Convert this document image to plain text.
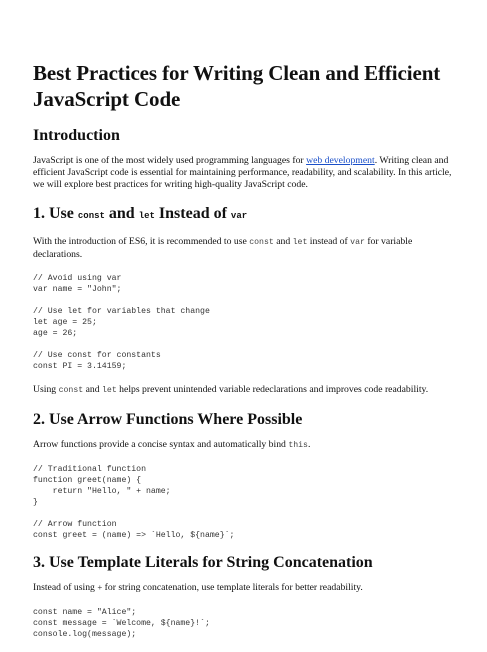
Best Practices for Writing Clean and Efficient JavaScript Code
Introduction

JavaScript is one of the most widely used programming languages for web development. Writing clean and efficient JavaScript code is essential for maintaining performance, readability, and scalability. In this article, we will explore best practices for writing high-quality JavaScript code.

1. Use const and let Instead of var

With the introduction of ES6, it is recommended to use const and let instead of var for variable declarations.

// Avoid using var
var name = "John";

// Use let for variables that change
let age = 25;
age = 26;

// Use const for constants
const PI = 3.14159;

Using const and let helps prevent unintended variable redeclarations and improves code readability.

2. Use Arrow Functions Where Possible

Arrow functions provide a concise syntax and automatically bind this.

// Traditional function
function greet(name) {
return "Hello, " + name;
}

// Arrow function
const greet = (name) => `Hello, ${name}`;
3. Use Template Literals for String Concatenation

Instead of using + for string concatenation, use template literals for better readability.

const name = "Alice";
const message = `Welcome, ${name}!`;
console.log(message);
